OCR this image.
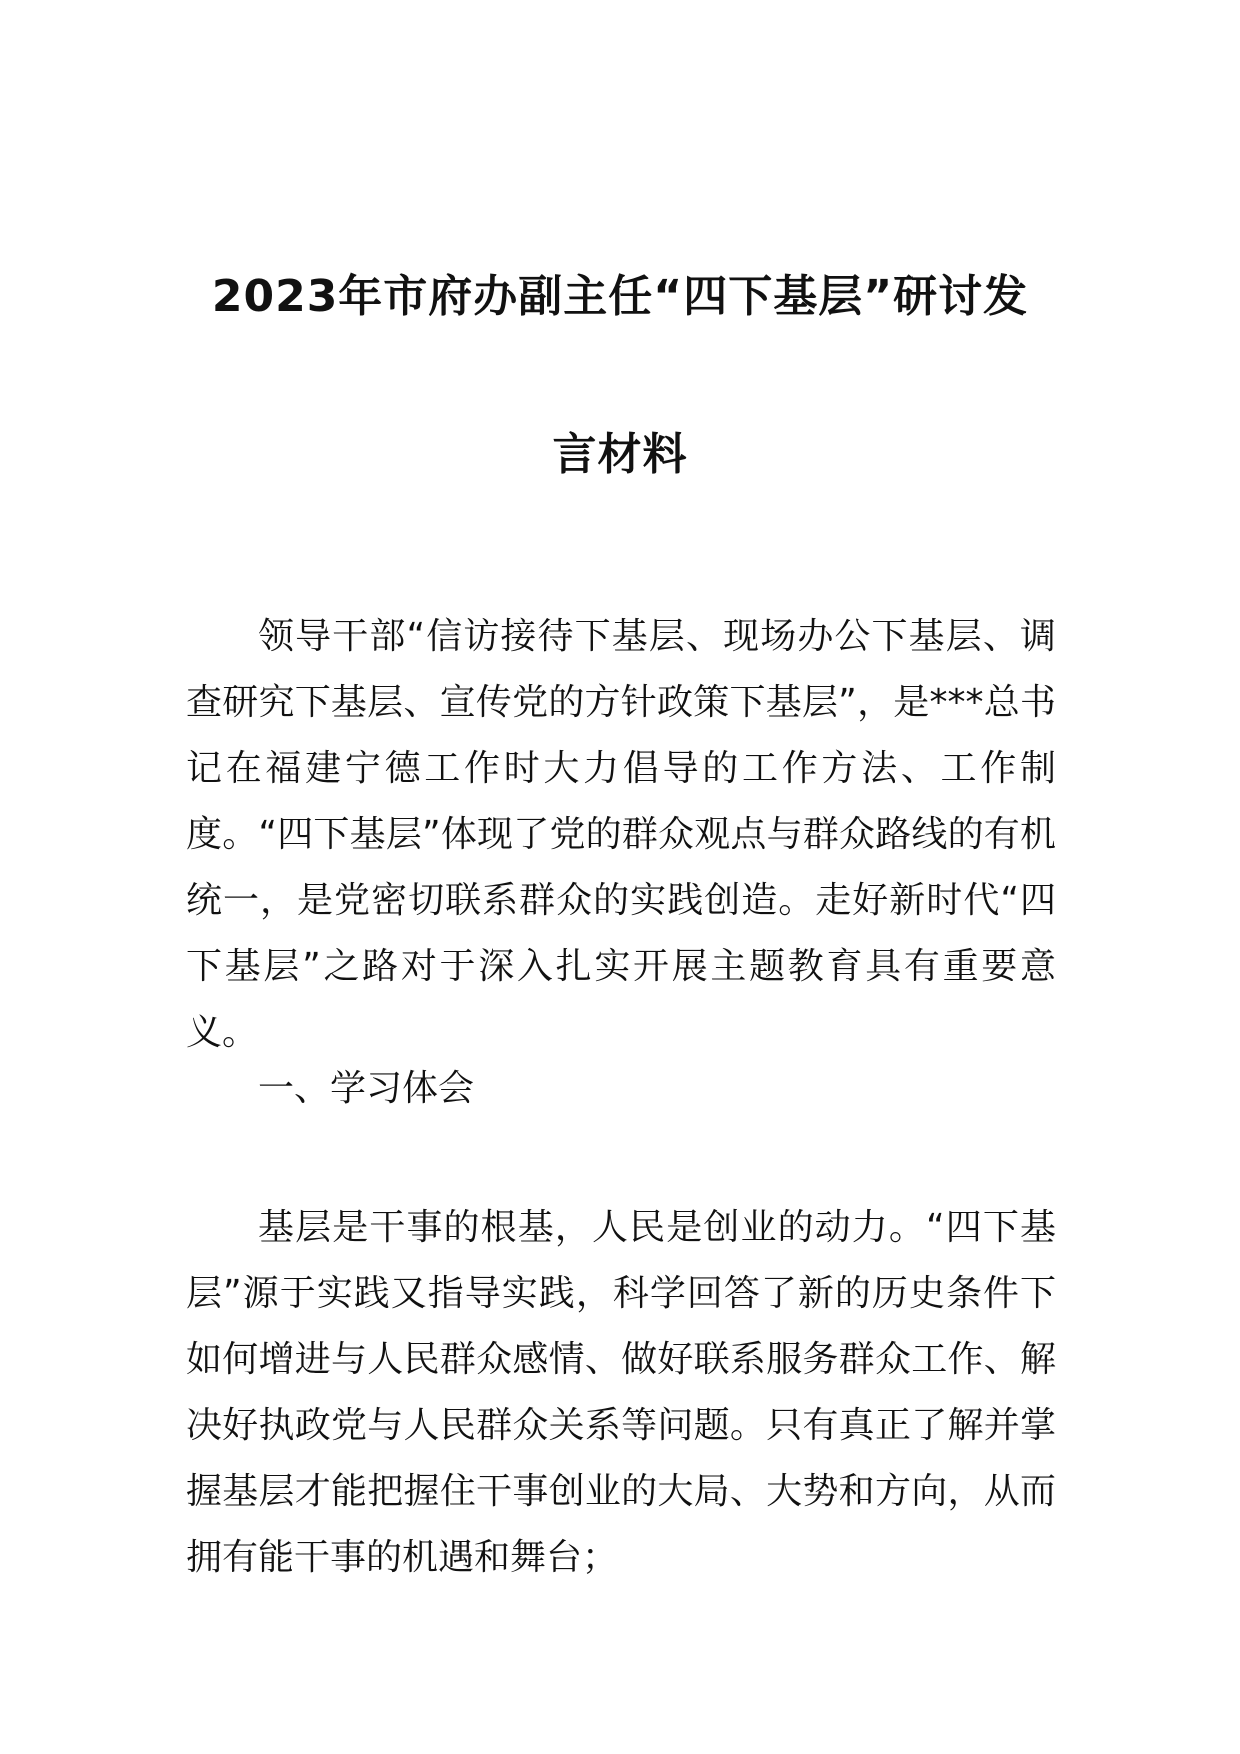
2023年市府办副主任“四下基层”研讨发
言材料

领导干部“信访接待下基层、现场办公下基层、调查研究下基层、宣传党的方针政策下基层”，是***总书记在福建宁德工作时大力倡导的工作方法、工作制度。“四下基层”体现了党的群众观点与群众路线的有机统一，是党密切联系群众的实践创造。走好新时代“四下基层”之路对于深入扎实开展主题教育具有重要意义。

一、学习体会

基层是干事的根基，人民是创业的动力。“四下基层”源于实践又指导实践，科学回答了新的历史条件下如何增进与人民群众感情、做好联系服务群众工作、解决好执政党与人民群众关系等问题。只有真正了解并掌握基层才能把握住干事创业的大局、大势和方向，从而拥有能干事的机遇和舞台；
